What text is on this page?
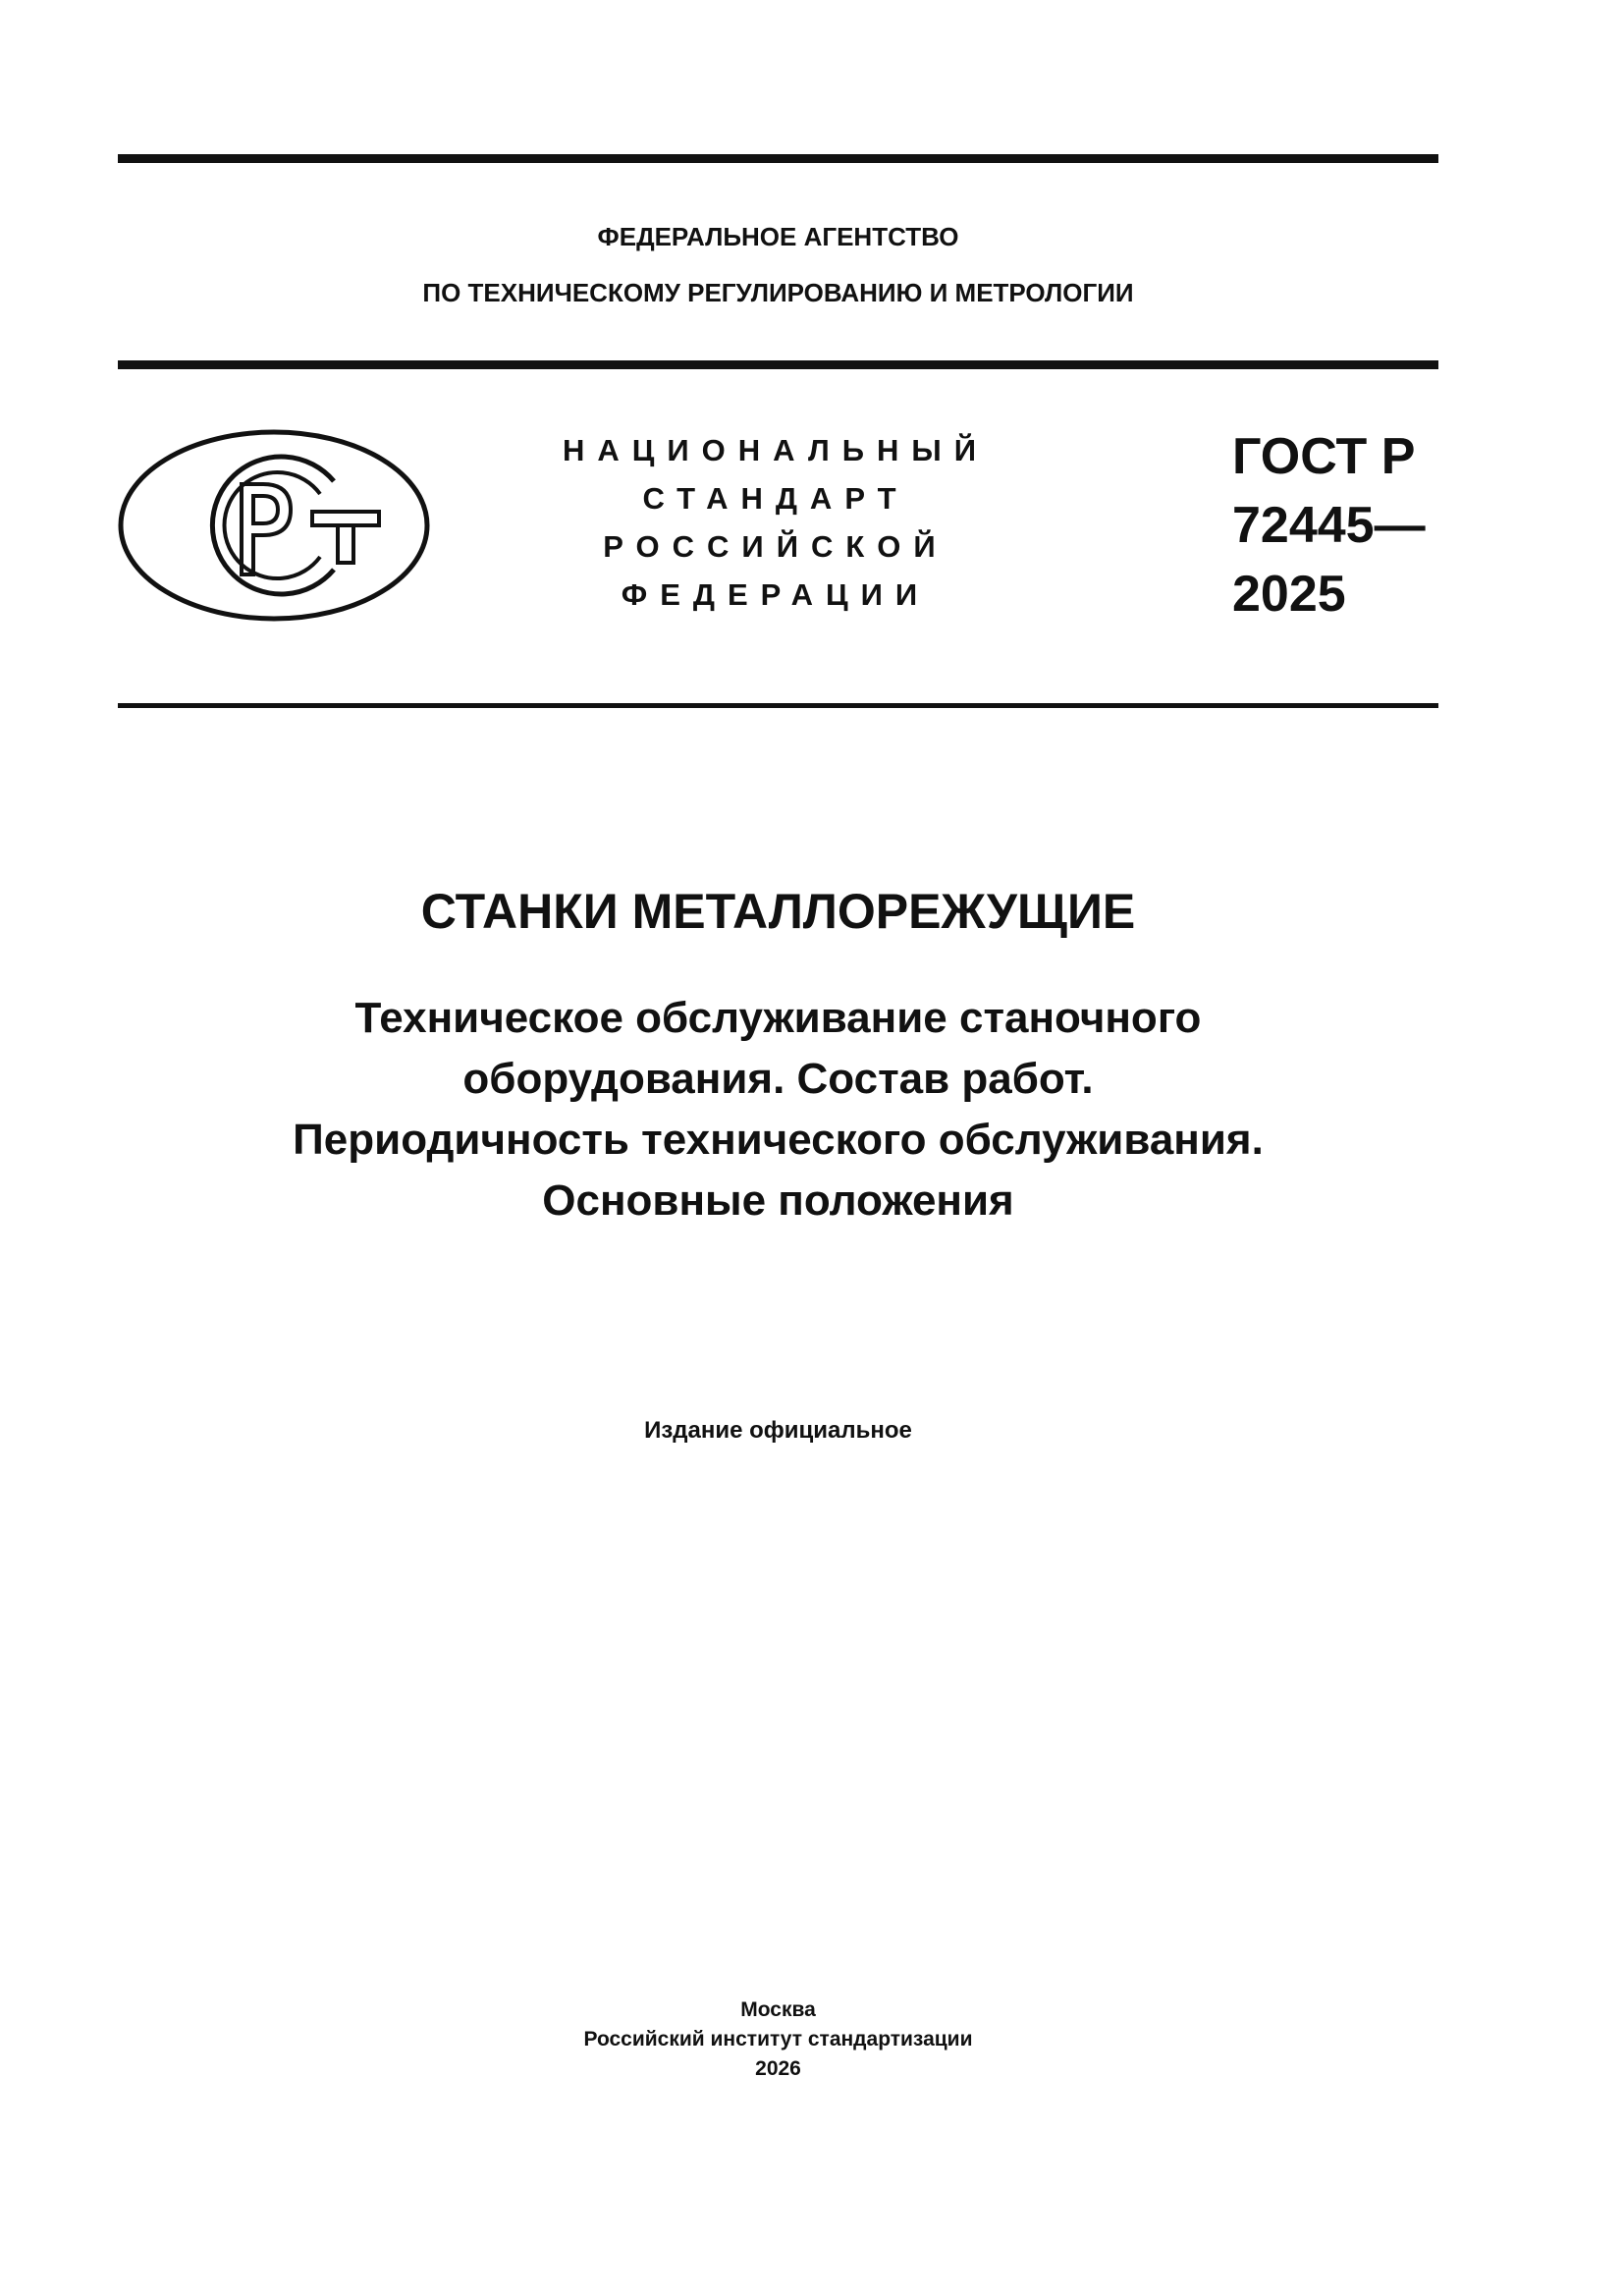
ФЕДЕРАЛЬНОЕ АГЕНТСТВО
ПО ТЕХНИЧЕСКОМУ РЕГУЛИРОВАНИЮ И МЕТРОЛОГИИ
НАЦИОНАЛЬНЫЙ
СТАНДАРТ
РОССИЙСКОЙ
ФЕДЕРАЦИИ
ГОСТ Р
72445—
2025
СТАНКИ МЕТАЛЛОРЕЖУЩИЕ
Техническое обслуживание станочного
оборудования. Состав работ.
Периодичность технического обслуживания.
Основные положения
Издание официальное
Москва
Российский институт стандартизации
2026
